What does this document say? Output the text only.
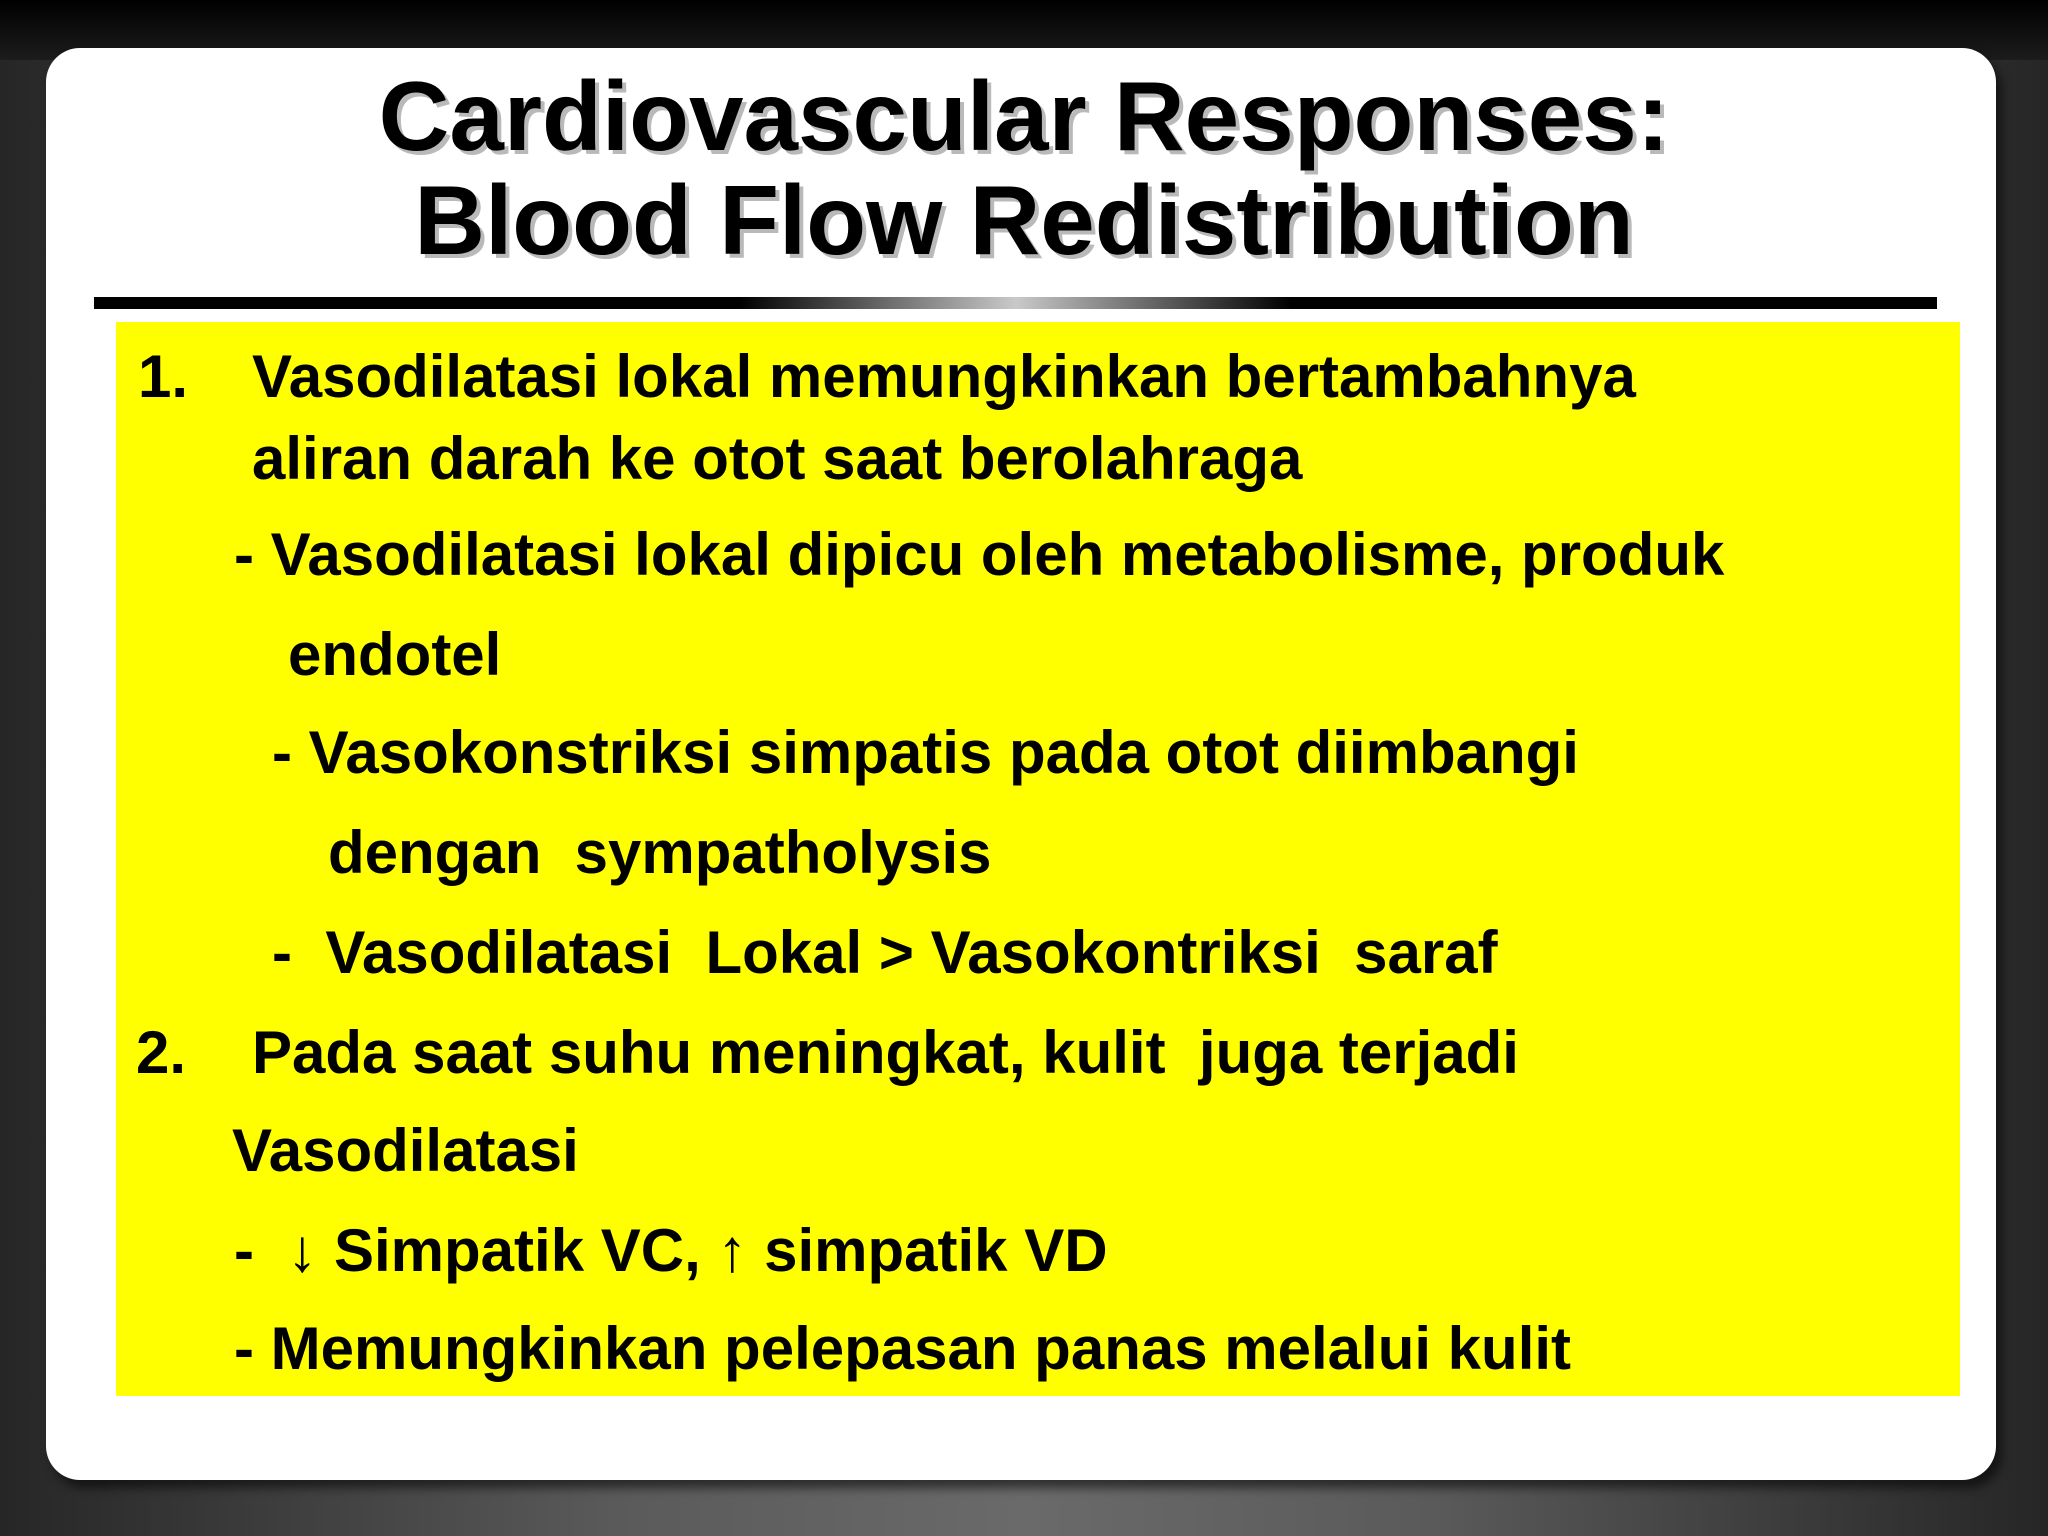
Cardiovascular Responses:
Blood Flow Redistribution
1. Vasodilatasi lokal memungkinkan bertambahnya
aliran darah ke otot saat berolahraga
- Vasodilatasi lokal dipicu oleh metabolisme, produk
endotel
- Vasokonstriksi simpatis pada otot diimbangi
dengan  sympatholysis
-  Vasodilatasi  Lokal > Vasokontriksi  saraf
2. Pada saat suhu meningkat, kulit  juga terjadi
Vasodilatasi
-  ↓ Simpatik VC, ↑ simpatik VD
- Memungkinkan pelepasan panas melalui kulit
